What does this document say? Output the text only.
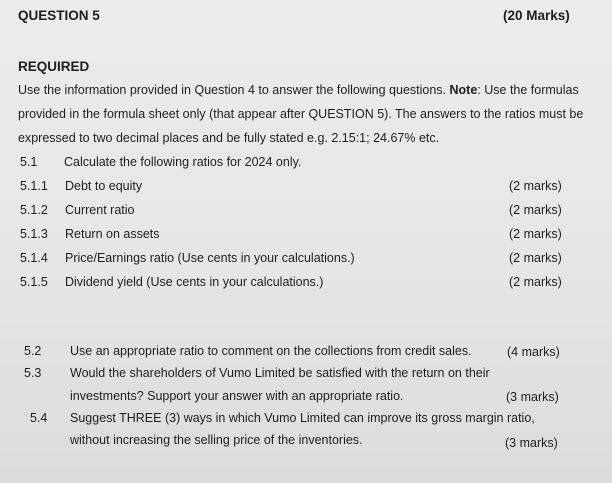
QUESTION 5	(20 Marks)
REQUIRED
Use the information provided in Question 4 to answer the following questions. Note: Use the formulas
provided in the formula sheet only (that appear after QUESTION 5). The answers to the ratios must be
expressed to two decimal places and be fully stated e.g. 2.15:1; 24.67% etc.
5.1 Calculate the following ratios for 2024 only.
5.1.1 Debt to equity	(2 marks)
5.1.2 Current ratio	(2 marks)
5.1.3 Return on assets	(2 marks)
5.1.4 Price/Earnings ratio (Use cents in your calculations.)	(2 marks)
5.1.5 Dividend yield (Use cents in your calculations.)	(2 marks)
5.2 Use an appropriate ratio to comment on the collections from credit sales.	(4 marks)
5.3 Would the shareholders of Vumo Limited be satisfied with the return on their
investments? Support your answer with an appropriate ratio.	(3 marks)
5.4 Suggest THREE (3) ways in which Vumo Limited can improve its gross margin ratio,
without increasing the selling price of the inventories.	(3 marks)
